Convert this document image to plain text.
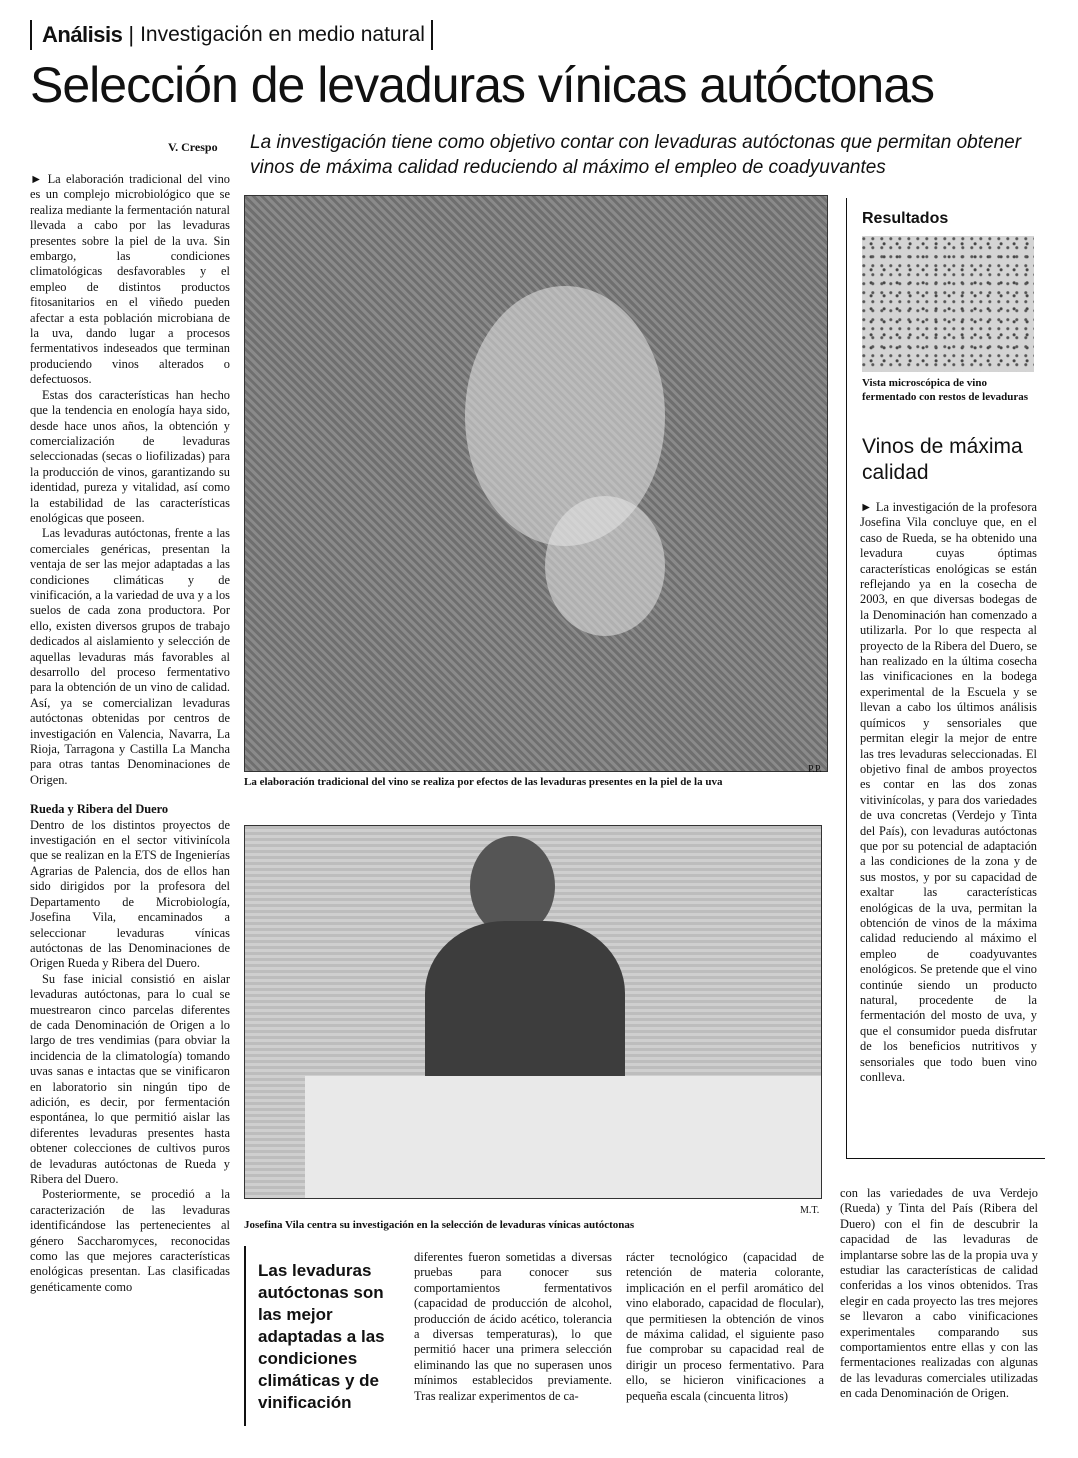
Análisis | Investigación en medio natural
Selección de levaduras vínicas autóctonas
V. Crespo La investigación tiene como objetivo contar con levaduras autóctonas que permitan obtener vinos de máxima calidad reduciendo al máximo el empleo de coadyuvantes

► La elaboración tradicional del vino es un complejo microbiológico que se realiza mediante la fermentación natural llevada a cabo por las levaduras presentes sobre la piel de la uva. Sin embargo, las condiciones climatológicas desfavorables y el empleo de distintos productos fitosanitarios en el viñedo pueden afectar a esta población microbiana de la uva, dando lugar a procesos fermentativos indeseados que terminan produciendo vinos alterados o defectuosos.

Estas dos características han hecho que la tendencia en enología haya sido, desde hace unos años, la obtención y comercialización de levaduras seleccionadas (secas o liofilizadas) para la producción de vinos, garantizando su identidad, pureza y vitalidad, así como la estabilidad de las características enológicas que poseen.

Las levaduras autóctonas, frente a las comerciales genéricas, presentan la ventaja de ser las mejor adaptadas a las condiciones climáticas y de vinificación, a la variedad de uva y a los suelos de cada zona productora. Por ello, existen diversos grupos de trabajo dedicados al aislamiento y selección de aquellas levaduras más favorables al desarrollo del proceso fermentativo para la obtención de un vino de calidad. Así, ya se comercializan levaduras autóctonas obtenidas por centros de investigación en Valencia, Navarra, La Rioja, Tarragona y Castilla La Mancha para otras tantas Denominaciones de Origen.

Rueda y Ribera del Duero

Dentro de los distintos proyectos de investigación en el sector vitivinícola que se realizan en la ETS de Ingenierías Agrarias de Palencia, dos de ellos han sido dirigidos por la profesora del Departamento de Microbiología, Josefina Vila, encaminados a seleccionar levaduras vínicas autóctonas de las Denominaciones de Origen Rueda y Ribera del Duero.

Su fase inicial consistió en aislar levaduras autóctonas, para lo cual se muestrearon cinco parcelas diferentes de cada Denominación de Origen a lo largo de tres vendimias (para obviar la incidencia de la climatología) tomando uvas sanas e intactas que se vinificaron en laboratorio sin ningún tipo de adición, es decir, por fermentación espontánea, lo que permitió aislar las diferentes levaduras presentes hasta obtener colecciones de cultivos puros de levaduras autóctonas de Rueda y Ribera del Duero.

Posteriormente, se procedió a la caracterización de las levaduras identificándose las pertenecientes al género Saccharomyces, reconocidas como las que mejores características enológicas presentan. Las clasificadas genéticamente como

La elaboración tradicional del vino se realiza por efectos de las levaduras presentes en la piel de la uva
P.P.
Josefina Vila centra su investigación en la selección de levaduras vínicas autóctonas
M.T.
Resultados
Vista microscópica de vino fermentado con restos de levaduras
Vinos de máxima calidad

► La investigación de la profesora Josefina Vila concluye que, en el caso de Rueda, se ha obtenido una levadura cuyas óptimas características enológicas se están reflejando ya en la cosecha de 2003, en que diversas bodegas de la Denominación han comenzado a utilizarla. Por lo que respecta al proyecto de la Ribera del Duero, se han realizado en la última cosecha las vinificaciones en la bodega experimental de la Escuela y se llevan a cabo los últimos análisis químicos y sensoriales que permitan elegir la mejor de entre las tres levaduras seleccionadas. El objetivo final de ambos proyectos es contar en las dos zonas vitivinícolas, y para dos variedades de uva concretas (Verdejo y Tinta del País), con levaduras autóctonas que por su potencial de adaptación a las condiciones de la zona y de sus mostos, y por su capacidad de exaltar las características enológicas de la uva, permitan la obtención de vinos de la máxima calidad reduciendo al máximo el empleo de coadyuvantes enológicos. Se pretende que el vino continúe siendo un producto natural, procedente de la fermentación del mosto de uva, y que el consumidor pueda disfrutar de los beneficios nutritivos y sensoriales que todo buen vino conlleva.

Las levaduras autóctonas son las mejor adaptadas a las condiciones climáticas y de vinificación

diferentes fueron sometidas a diversas pruebas para conocer sus comportamientos fermentativos (capacidad de producción de alcohol, producción de ácido acético, tolerancia a diversas temperaturas), lo que permitió hacer una primera selección eliminando las que no superasen unos mínimos establecidos previamente. Tras realizar experimentos de ca-

rácter tecnológico (capacidad de retención de materia colorante, implicación en el perfil aromático del vino elaborado, capacidad de flocular), que permitiesen la obtención de vinos de máxima calidad, el siguiente paso fue comprobar su capacidad real de dirigir un proceso fermentativo. Para ello, se hicieron vinificaciones a pequeña escala (cincuenta litros)

con las variedades de uva Verdejo (Rueda) y Tinta del País (Ribera del Duero) con el fin de descubrir la capacidad de las levaduras de implantarse sobre las de la propia uva y estudiar las características de calidad conferidas a los vinos obtenidos. Tras elegir en cada proyecto las tres mejores se llevaron a cabo vinificaciones experimentales comparando sus comportamientos entre ellas y con las fermentaciones realizadas con algunas de las levaduras comerciales utilizadas en cada Denominación de Origen.
